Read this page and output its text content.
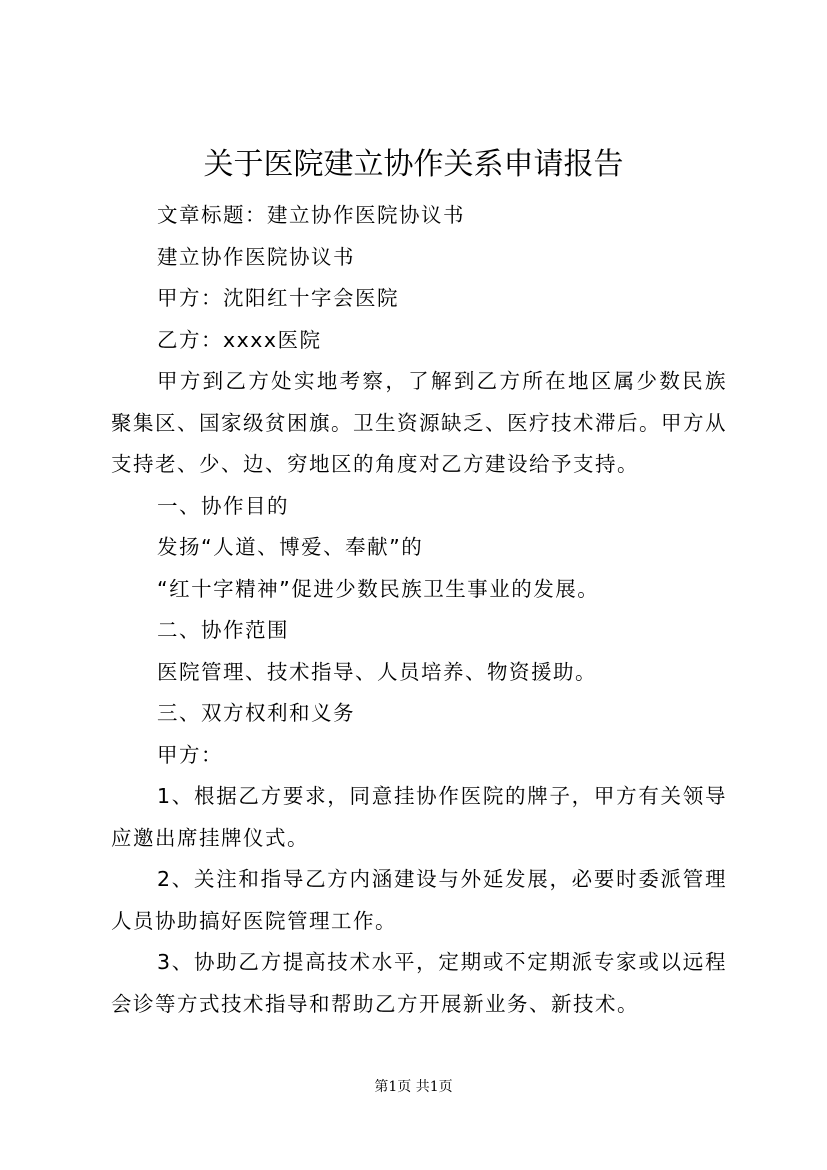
关于医院建立协作关系申请报告

文章标题：建立协作医院协议书

建立协作医院协议书

甲方：沈阳红十字会医院

乙方：xxxx医院

甲方到乙方处实地考察，了解到乙方所在地区属少数民族聚集区、国家级贫困旗。卫生资源缺乏、医疗技术滞后。甲方从支持老、少、边、穷地区的角度对乙方建设给予支持。

一、协作目的

发扬“人道、博爱、奉献”的

“红十字精神”促进少数民族卫生事业的发展。

二、协作范围

医院管理、技术指导、人员培养、物资援助。

三、双方权利和义务

甲方：

1、根据乙方要求，同意挂协作医院的牌子，甲方有关领导应邀出席挂牌仪式。

2、关注和指导乙方内涵建设与外延发展，必要时委派管理人员协助搞好医院管理工作。

3、协助乙方提高技术水平，定期或不定期派专家或以远程会诊等方式技术指导和帮助乙方开展新业务、新技术。

第1页 共1页
